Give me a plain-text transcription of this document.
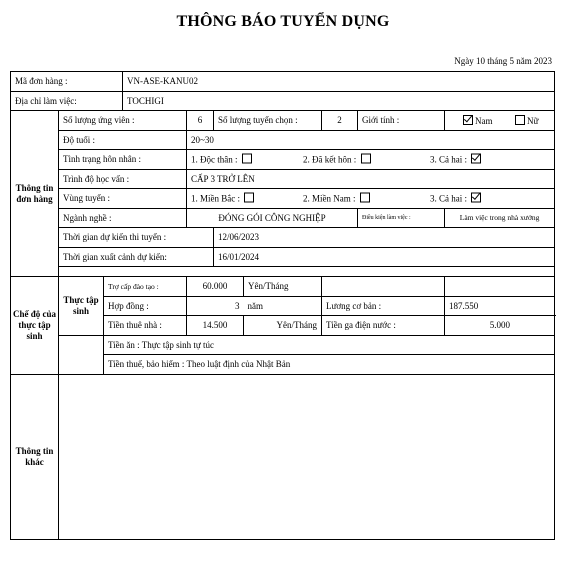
THÔNG BÁO TUYỂN DỤNG
Ngày 10 tháng 5 năm 2023
Mã đơn hàng :			VN-ASE-KANU02							
Địa chỉ làm việc:			TOCHIGI							
Thông tin đơn hàng	Số lượng ứng viên :			6	Số lượng tuyển chọn :		2	Giới tính :	Nam Nữ	
	Độ tuổi :			20~30						
	Tình trạng hôn nhân :			1. Độc thân : 2. Đã kết hôn : 3. Cả hai :						

	Trình độ học vấn :			CẤP 3 TRỞ LÊN						
	Vùng tuyển :			1. Miền Bắc : 2. Miền Nam : 3. Cả hai :						

	Ngành nghề :			ĐÓNG GÓI CÔNG NGHIỆP				Điều kiện làm việc :	Làm việc trong nhà xưởng	
	Thời gian dự kiến thi tuyển :				12/06/2023					
	Thời gian xuất cảnh dự kiến:				16/01/2024					

Chế độ của thực tập sinh	Thực tập sinh	Trợ cấp đào tạo :		60.000		Yên/Tháng				
		Hợp đồng :		3		năm	Lương cơ bản :		187.550	
		Tiền thuê nhà :		14.500		Yên/Tháng	Tiền ga điện nước :		5.000	
		Tiền ăn : Thực tập sinh tự túc								
		Tiền thuế, bảo hiểm : Theo luật định của Nhật Bản								
Thông tin khác										
